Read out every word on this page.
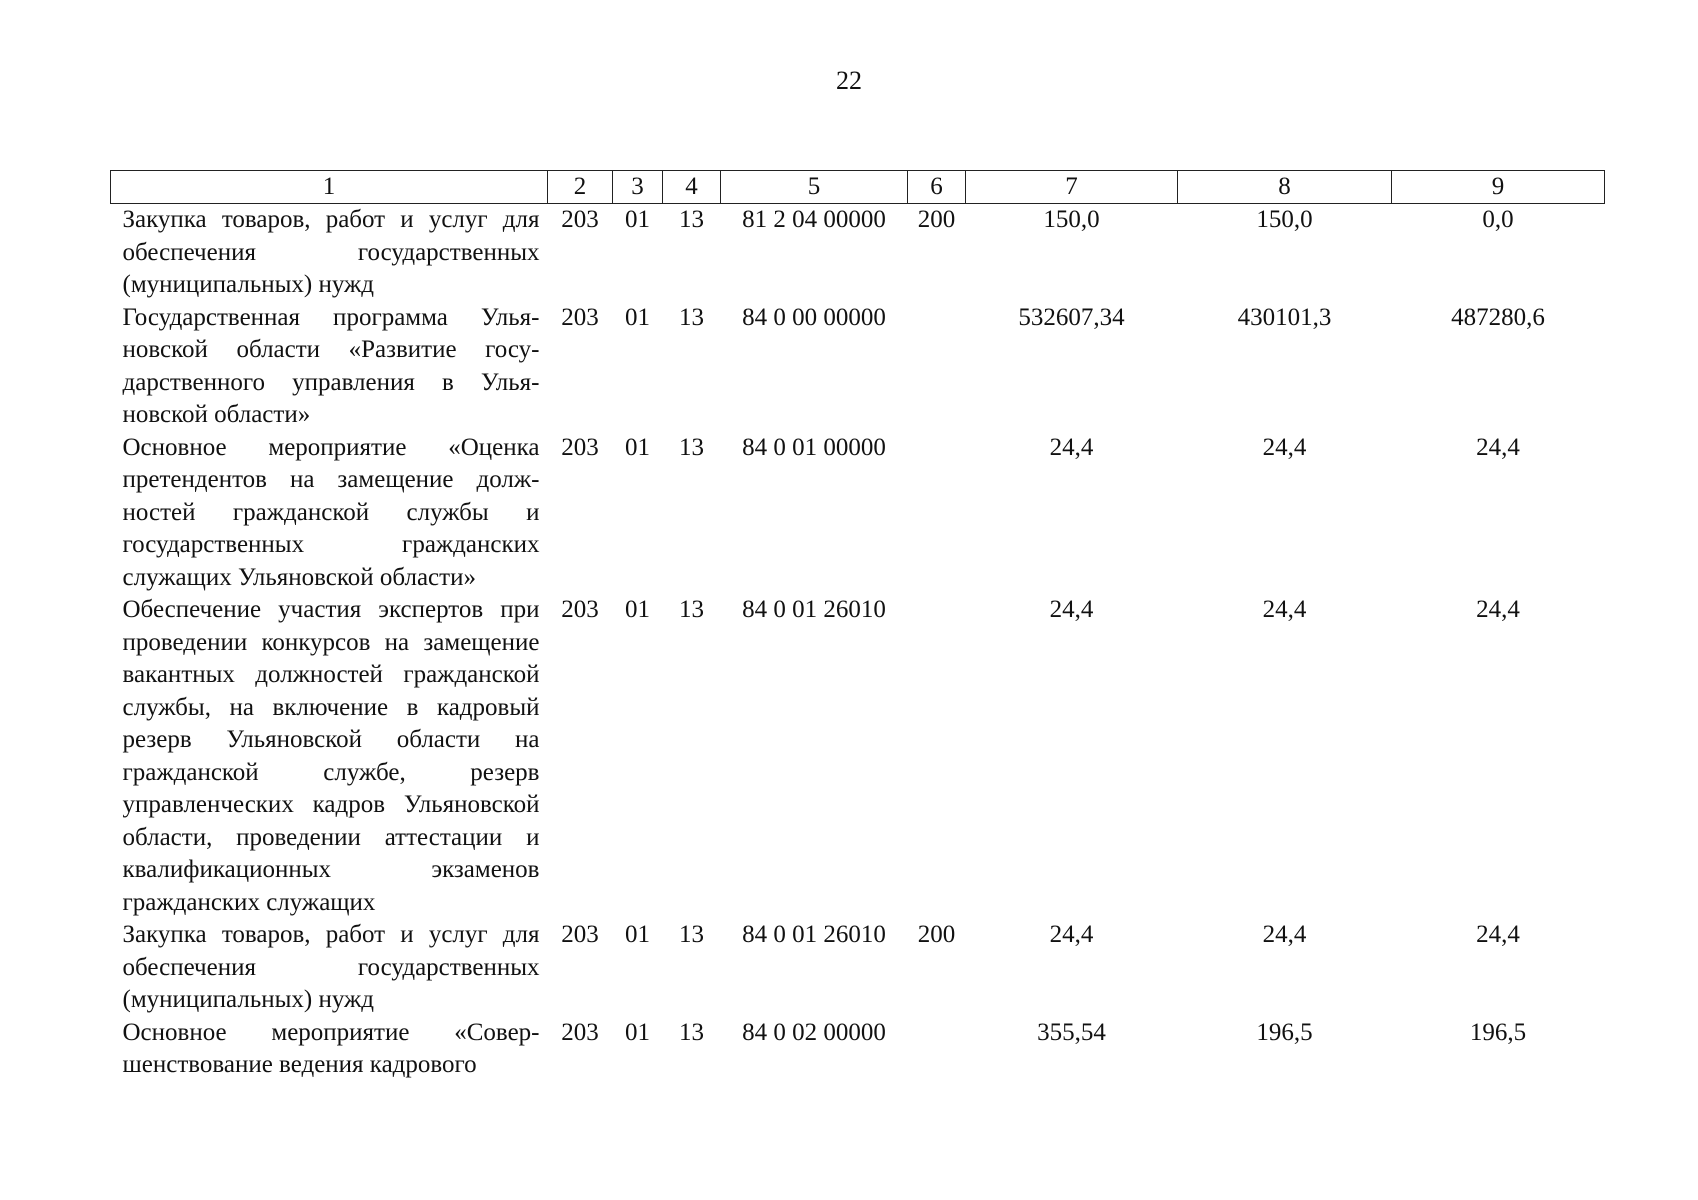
22
1	2	3	4	5	6	7	8	9
Закупка товаров, работ и услуг для обеспечения государственных (муниципальных) нужд	203	01	13	81 2 04 00000	200	150,0	150,0	0,0
Государственная программа Ульяновской области «Развитие государственного управления в Ульяновской области»	203	01	13	84 0 00 00000		532607,34	430101,3	487280,6
Основное мероприятие «Оценка претендентов на замещение должностей гражданской службы и государственных гражданских служащих Ульяновской области»	203	01	13	84 0 01 00000		24,4	24,4	24,4
Обеспечение участия экспертов при проведении конкурсов на замещение вакантных должностей гражданской службы, на включение в кадровый резерв Ульяновской области на гражданской службе, резерв управленческих кадров Ульяновской области, проведении аттестации и квалификационных экзаменов гражданских служащих	203	01	13	84 0 01 26010		24,4	24,4	24,4
Закупка товаров, работ и услуг для обеспечения государственных (муниципальных) нужд	203	01	13	84 0 01 26010	200	24,4	24,4	24,4
Основное мероприятие «Совершенствование ведения кадрового	203	01	13	84 0 02 00000		355,54	196,5	196,5
